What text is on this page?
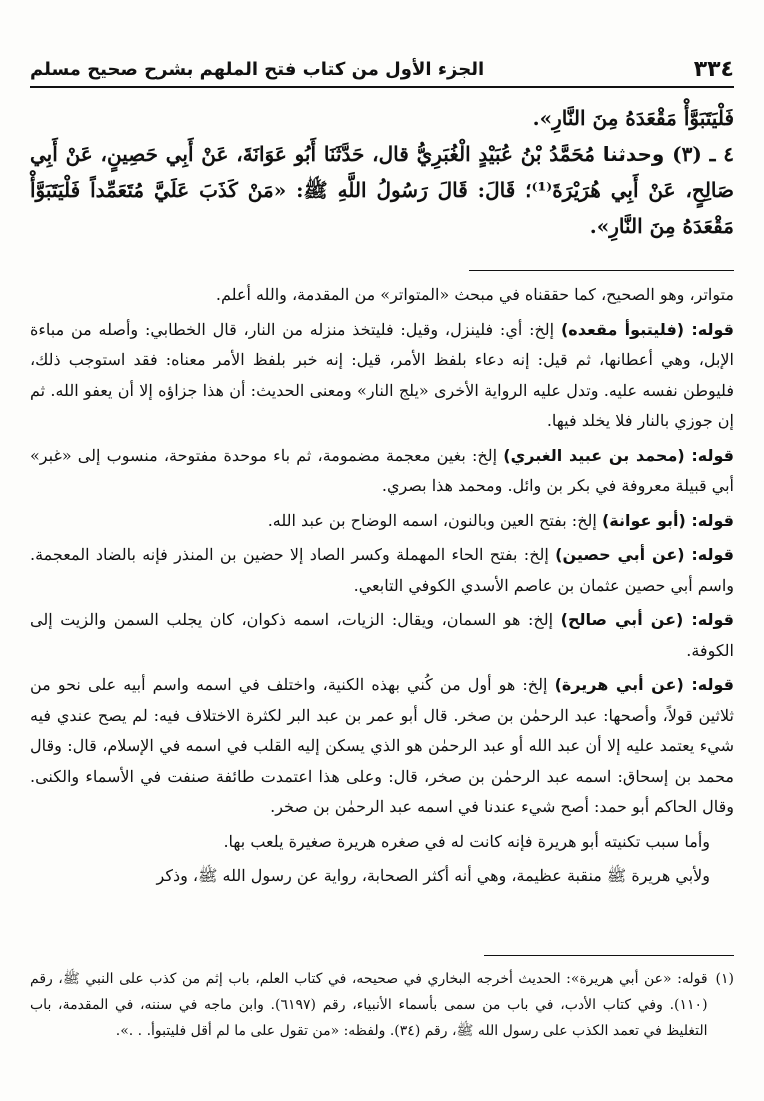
الجزء الأول من كتاب فتح الملهم بشرح صحيح مسلم	٣٣٤

فَلْيَتَبَوَّأْ مَقْعَدَهُ مِنَ النَّارِ».

٤ ـ (٣) وحدثنا مُحَمَّدُ بْنُ عُبَيْدٍ الْغُبَرِيُّ قال، حَدَّثَنَا أَبُو عَوَانَةَ، عَنْ أَبِي حَصِينٍ، عَنْ أَبِي صَالِحٍ، عَنْ أَبِي هُرَيْرَةَ⁽¹⁾؛ قَالَ: قَالَ رَسُولُ اللَّهِ ﷺ: «مَنْ كَذَبَ عَلَيَّ مُتَعَمِّداً فَلْيَتَبَوَّأْ مَقْعَدَهُ مِنَ النَّارِ».

متواتر، وهو الصحيح، كما حققناه في مبحث «المتواتر» من المقدمة، والله أعلم.

قوله: (فليتبوأ مقعده) إلخ: أي: فلينزل، وقيل: فليتخذ منزله من النار، قال الخطابي: وأصله من مباءة الإبل، وهي أعطانها، ثم قيل: إنه دعاء بلفظ الأمر، قيل: إنه خبر بلفظ الأمر معناه: فقد استوجب ذلك، فليوطن نفسه عليه. وتدل عليه الرواية الأخرى «يلج النار» ومعنى الحديث: أن هذا جزاؤه إلا أن يعفو الله. ثم إن جوزي بالنار فلا يخلد فيها.

قوله: (محمد بن عبيد الغبري) إلخ: بغين معجمة مضمومة، ثم باء موحدة مفتوحة، منسوب إلى «غبر» أبي قبيلة معروفة في بكر بن وائل. ومحمد هذا بصري.

قوله: (أبو عوانة) إلخ: بفتح العين وبالنون، اسمه الوضاح بن عبد الله.

قوله: (عن أبي حصين) إلخ: بفتح الحاء المهملة وكسر الصاد إلا حضين بن المنذر فإنه بالضاد المعجمة. واسم أبي حصين عثمان بن عاصم الأسدي الكوفي التابعي.

قوله: (عن أبي صالح) إلخ: هو السمان، ويقال: الزيات، اسمه ذكوان، كان يجلب السمن والزيت إلى الكوفة.

قوله: (عن أبي هريرة) إلخ: هو أول من كُني بهذه الكنية، واختلف في اسمه واسم أبيه على نحو من ثلاثين قولاً، وأصحها: عبد الرحمٰن بن صخر. قال أبو عمر بن عبد البر لكثرة الاختلاف فيه: لم يصح عندي فيه شيء يعتمد عليه إلا أن عبد الله أو عبد الرحمٰن هو الذي يسكن إليه القلب في اسمه في الإسلام، قال: وقال محمد بن إسحاق: اسمه عبد الرحمٰن بن صخر، قال: وعلى هذا اعتمدت طائفة صنفت في الأسماء والكنى. وقال الحاكم أبو حمد: أصح شيء عندنا في اسمه عبد الرحمٰن بن صخر.

وأما سبب تكنيته أبو هريرة فإنه كانت له في صغره هريرة صغيرة يلعب بها.

ولأبي هريرة ﷺ منقبة عظيمة، وهي أنه أكثر الصحابة، رواية عن رسول الله ﷺ، وذكر

(١)
قوله: «عن أبي هريرة»: الحديث أخرجه البخاري في صحيحه، في كتاب العلم، باب إثم من كذب على النبي ﷺ، رقم (١١٠). وفي كتاب الأدب، في باب من سمى بأسماء الأنبياء، رقم (٦١٩٧). وابن ماجه في سننه، في المقدمة، باب التغليظ في تعمد الكذب على رسول الله ﷺ، رقم (٣٤). ولفظه: «من تقول على ما لم أقل فليتبوأ. . .».
